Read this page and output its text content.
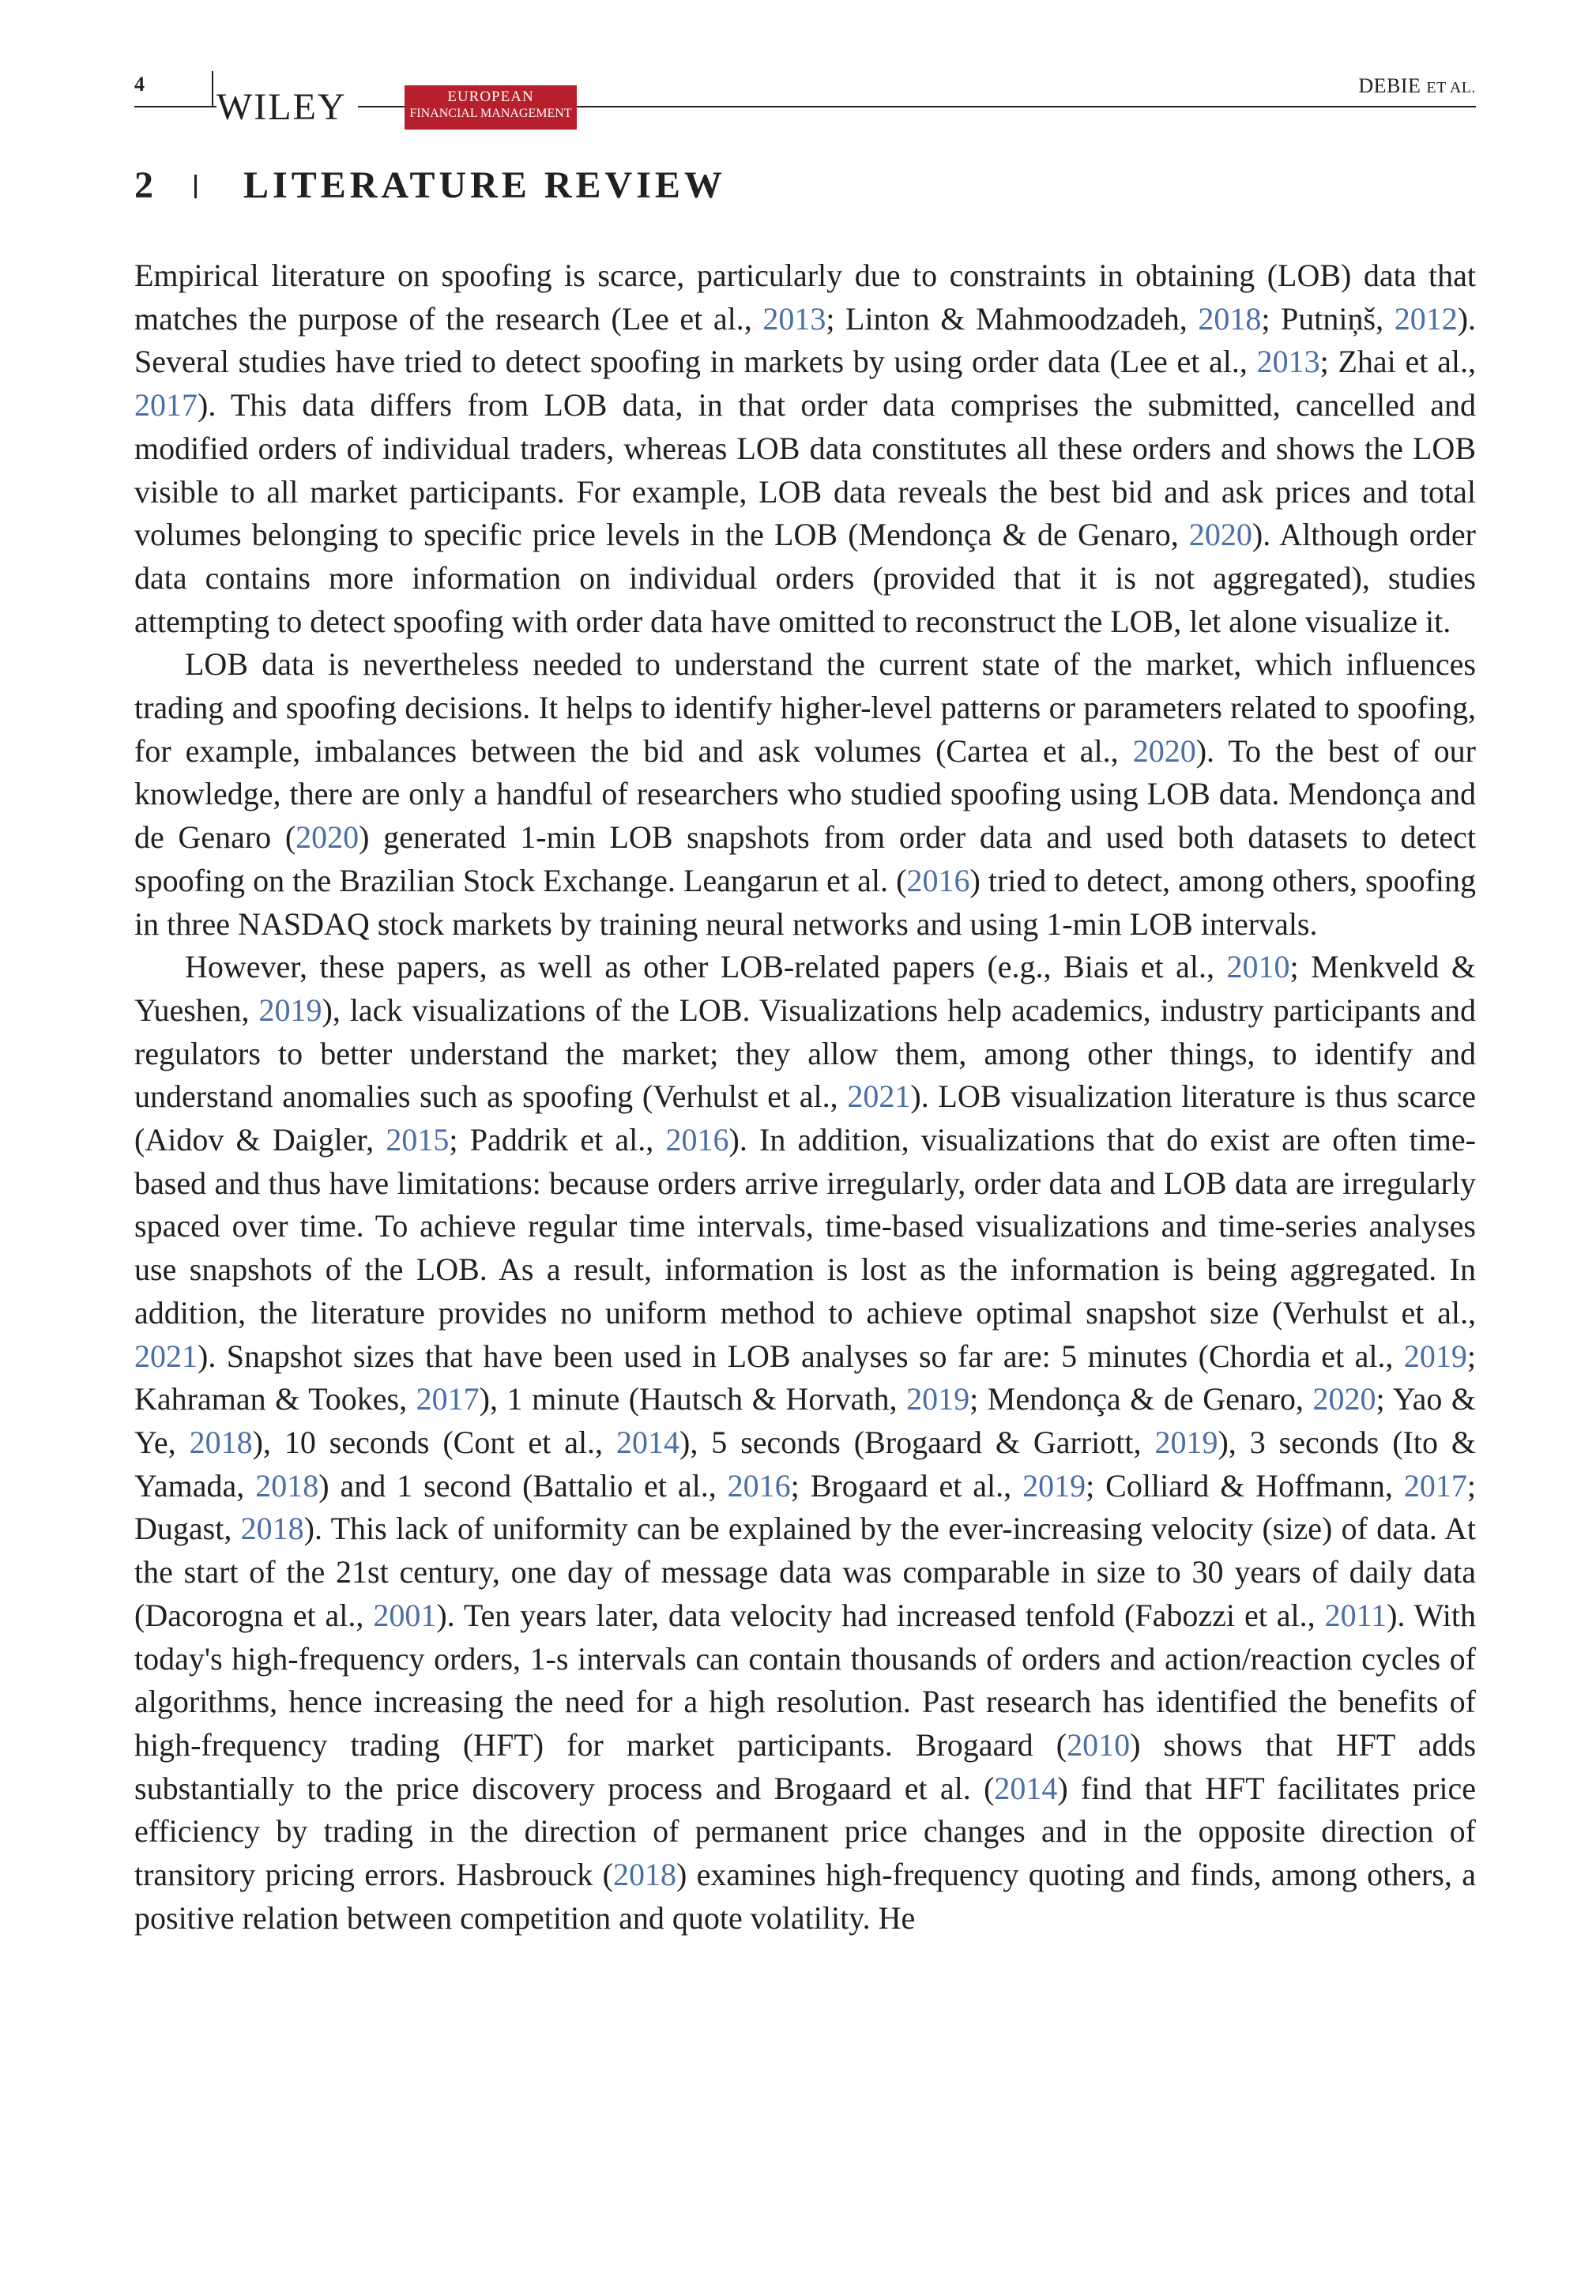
4
WILEY	EUROPEAN
FINANCIAL MANAGEMENT
DEBIE ET AL.
2 LITERATURE REVIEW

Empirical literature on spoofing is scarce, particularly due to constraints in obtaining (LOB) data that matches the purpose of the research (Lee et al., 2013; Linton & Mahmoodzadeh, 2018; Putniņš, 2012). Several studies have tried to detect spoofing in markets by using order data (Lee et al., 2013; Zhai et al., 2017). This data differs from LOB data, in that order data comprises the submitted, cancelled and modified orders of individual traders, whereas LOB data constitutes all these orders and shows the LOB visible to all market participants. For example, LOB data reveals the best bid and ask prices and total volumes belonging to specific price levels in the LOB (Mendonça & de Genaro, 2020). Although order data contains more information on individual orders (provided that it is not aggregated), studies attempting to detect spoofing with order data have omitted to reconstruct the LOB, let alone visualize it.

LOB data is nevertheless needed to understand the current state of the market, which influences trading and spoofing decisions. It helps to identify higher-level patterns or parameters related to spoofing, for example, imbalances between the bid and ask volumes (Cartea et al., 2020). To the best of our knowledge, there are only a handful of researchers who studied spoofing using LOB data. Mendonça and de Genaro (2020) generated 1-min LOB snapshots from order data and used both datasets to detect spoofing on the Brazilian Stock Exchange. Leangarun et al. (2016) tried to detect, among others, spoofing in three NASDAQ stock markets by training neural networks and using 1-min LOB intervals.

However, these papers, as well as other LOB-related papers (e.g., Biais et al., 2010; Menkveld & Yueshen, 2019), lack visualizations of the LOB. Visualizations help academics, industry participants and regulators to better understand the market; they allow them, among other things, to identify and understand anomalies such as spoofing (Verhulst et al., 2021). LOB visualization literature is thus scarce (Aidov & Daigler, 2015; Paddrik et al., 2016). In addition, visualizations that do exist are often time-based and thus have limitations: because orders arrive irregularly, order data and LOB data are irregularly spaced over time. To achieve regular time intervals, time-based visualizations and time-series analyses use snapshots of the LOB. As a result, information is lost as the information is being aggregated. In addition, the literature provides no uniform method to achieve optimal snapshot size (Verhulst et al., 2021). Snapshot sizes that have been used in LOB analyses so far are: 5 minutes (Chordia et al., 2019; Kahraman & Tookes, 2017), 1 minute (Hautsch & Horvath, 2019; Mendonça & de Genaro, 2020; Yao & Ye, 2018), 10 seconds (Cont et al., 2014), 5 seconds (Brogaard & Garriott, 2019), 3 seconds (Ito & Yamada, 2018) and 1 second (Battalio et al., 2016; Brogaard et al., 2019; Colliard & Hoffmann, 2017; Dugast, 2018). This lack of uniformity can be explained by the ever-increasing velocity (size) of data. At the start of the 21st century, one day of message data was comparable in size to 30 years of daily data (Dacorogna et al., 2001). Ten years later, data velocity had increased tenfold (Fabozzi et al., 2011). With today's high-frequency orders, 1-s intervals can contain thousands of orders and action/reaction cycles of algorithms, hence increasing the need for a high resolution. Past research has identified the benefits of high-frequency trading (HFT) for market participants. Brogaard (2010) shows that HFT adds substantially to the price discovery process and Brogaard et al. (2014) find that HFT facilitates price efficiency by trading in the direction of permanent price changes and in the opposite direction of transitory pricing errors. Hasbrouck (2018) examines high-frequency quoting and finds, among others, a positive relation between competition and quote volatility. He
